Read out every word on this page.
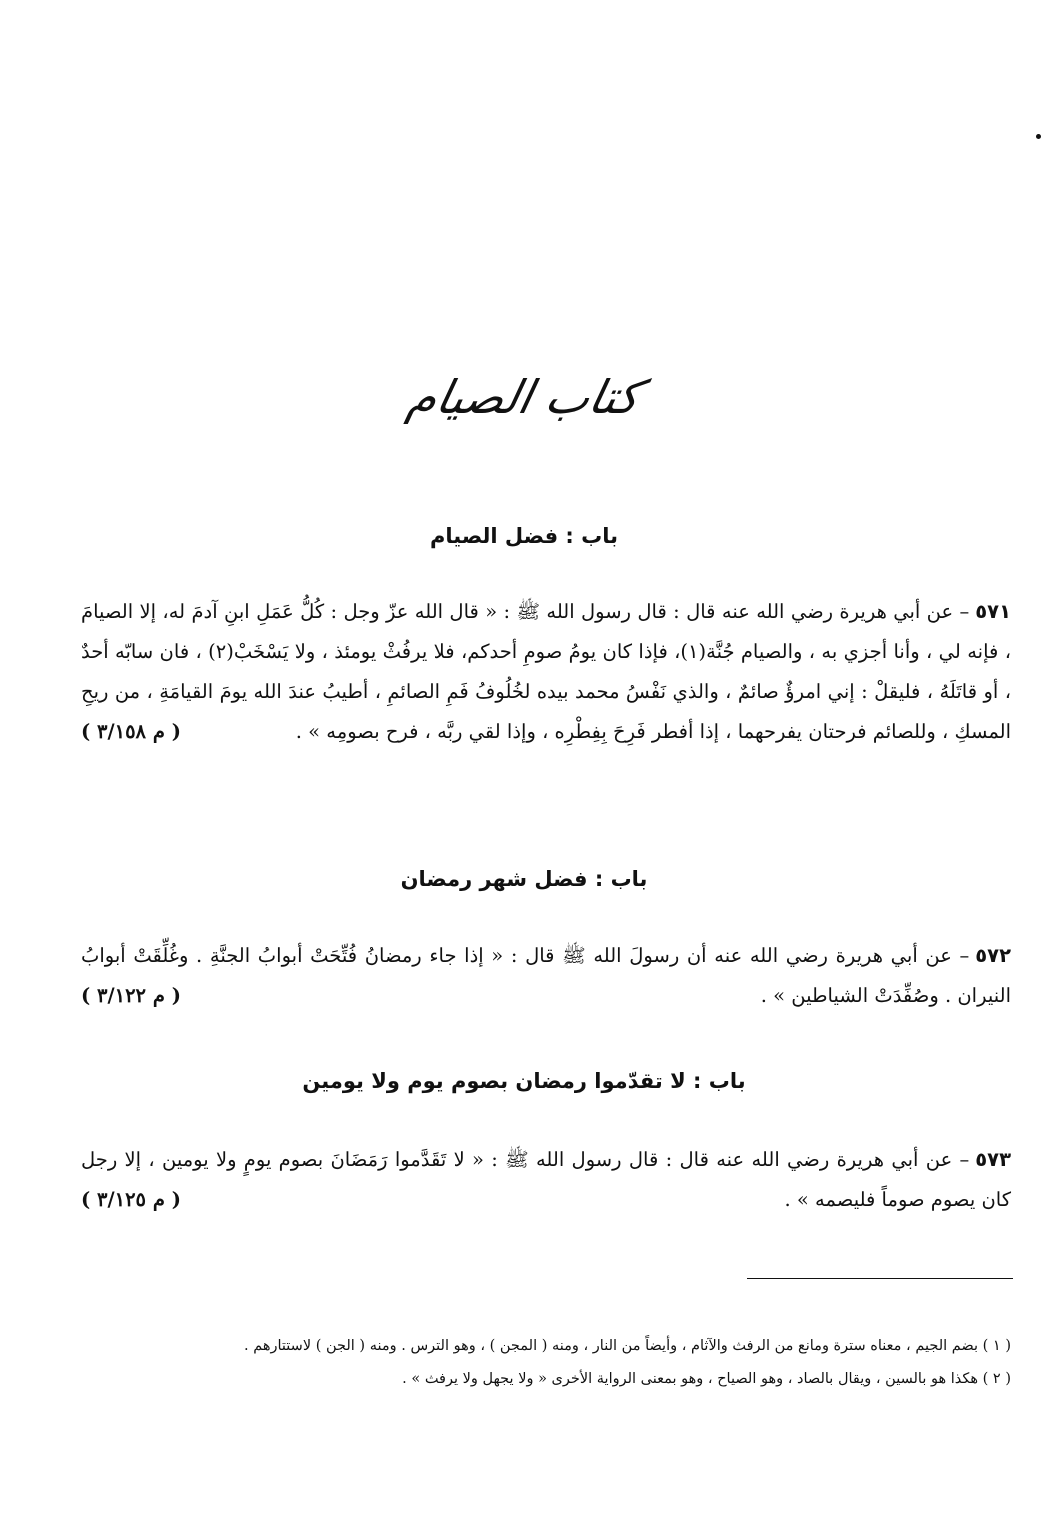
كتاب الصيام
باب : فضل الصيام
٥٧١– عن أبي هريرة رضي الله عنه قال : قال رسول الله ﷺ : « قال الله عزّ وجل : كُلُّ عَمَلِ ابنِ آدمَ له، إلا الصيامَ ، فإنه لي ، وأنا أجزي به ، والصيام جُنَّة(١)، فإذا كان يومُ صومِ أحدكم، فلا يرفُثْ يومئذ ، ولا يَسْخَبْ(٢) ، فان سابّه أحدٌ ، أو قاتَلَهُ ، فليقلْ : إني امرؤٌ صائمٌ ، والذي نَفْسُ محمد بيده لخُلُوفُ فَمِ الصائمِ ، أطيبُ عندَ الله يومَ القيامَةِ ، من ريحِ المسكِ ، وللصائم فرحتان يفرحهما ، إذا أفطر فَرِحَ بِفِطْرِه ، وإذا لقي ربَّه ، فرح بصومِه » .
( م ٣/١٥٨ )
باب : فضل شهر رمضان
٥٧٢– عن أبي هريرة رضي الله عنه أن رسولَ الله ﷺ قال : « إذا جاء رمضانُ فُتِّحَتْ أبوابُ الجنَّةِ . وغُلِّقَتْ أبوابُ النيران . وصُفِّدَتْ الشياطين » .
( م ٣/١٢٢ )
باب : لا تقدّموا رمضان بصوم يوم ولا يومين
٥٧٣– عن أبي هريرة رضي الله عنه قال : قال رسول الله ﷺ : « لا تَقَدَّموا رَمَضَانَ بصوم يومٍ ولا يومين ، إلا رجل كان يصوم صوماً فليصمه » .
( م ٣/١٢٥ )
( ١ ) بضم الجيم ، معناه سترة ومانع من الرفث والآثام ، وأيضاً من النار ، ومنه ( المجن ) ، وهو الترس . ومنه ( الجن ) لاستتارهم .
( ٢ ) هكذا هو بالسين ، ويقال بالصاد ، وهو الصياح ، وهو بمعنى الرواية الأخرى « ولا يجهل ولا يرفث » .
